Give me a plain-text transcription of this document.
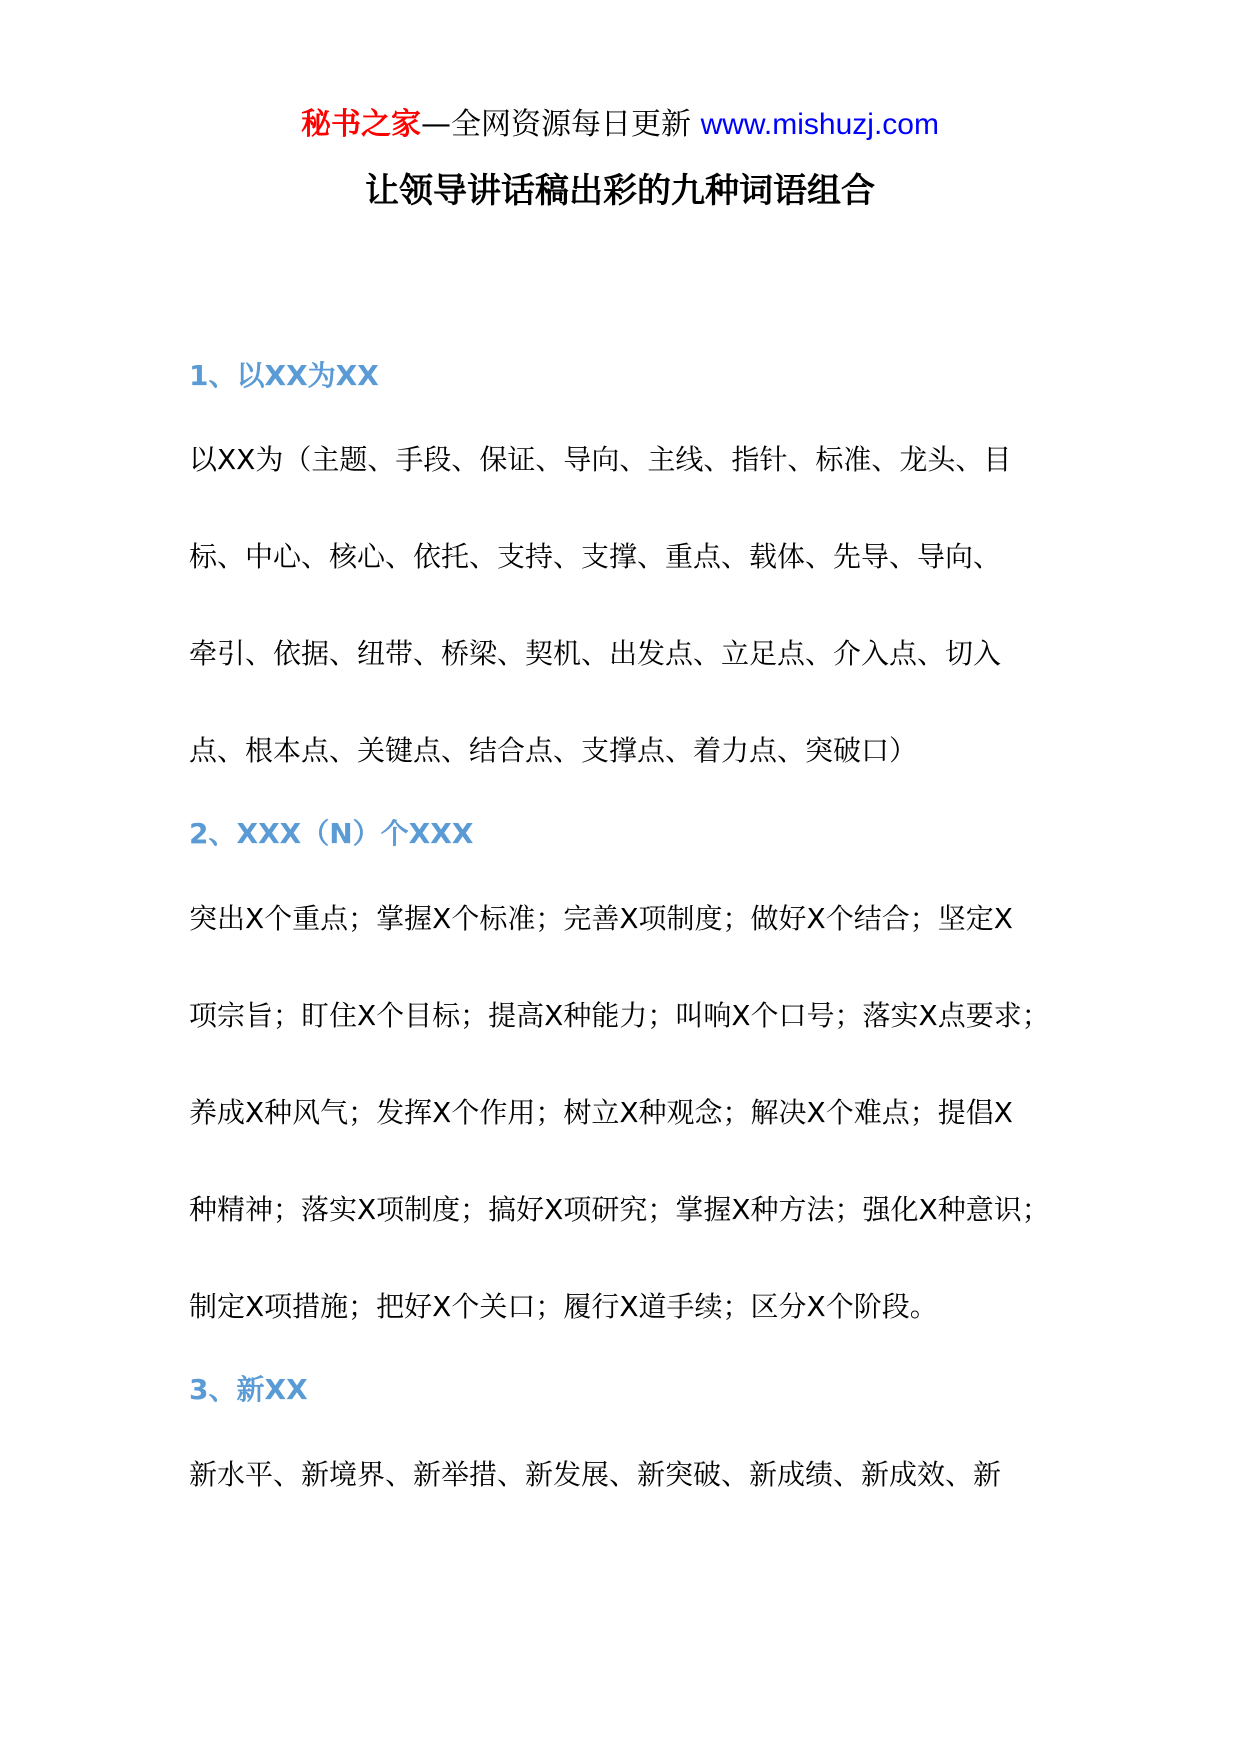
秘书之家—全网资源每日更新 www.mishuzj.com
让领导讲话稿出彩的九种词语组合
1、以XX为XX
以XX为（主题、手段、保证、导向、主线、指针、标准、龙头、目
标、中心、核心、依托、支持、支撑、重点、载体、先导、导向、
牵引、依据、纽带、桥梁、契机、出发点、立足点、介入点、切入
点、根本点、关键点、结合点、支撑点、着力点、突破口）
2、XXX（N）个XXX
突出X个重点；掌握X个标准；完善X项制度；做好X个结合；坚定X
项宗旨；盯住X个目标；提高X种能力；叫响X个口号；落实X点要求；
养成X种风气；发挥X个作用；树立X种观念；解决X个难点；提倡X
种精神；落实X项制度；搞好X项研究；掌握X种方法；强化X种意识；
制定X项措施；把好X个关口；履行X道手续；区分X个阶段。
3、新XX
新水平、新境界、新举措、新发展、新突破、新成绩、新成效、新
